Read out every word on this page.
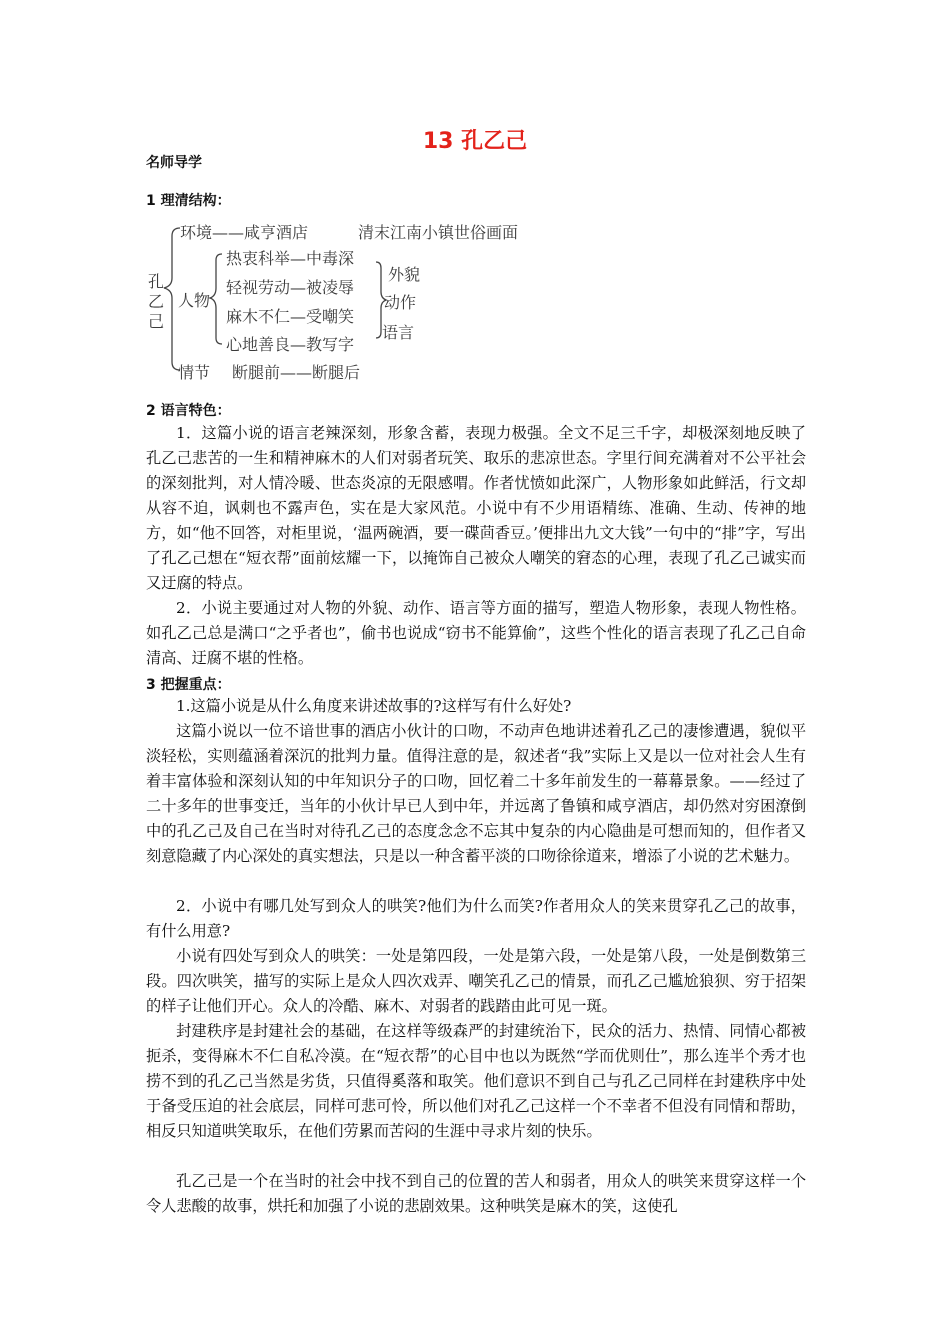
13 孔乙己
名师导学
1 理清结构：
孔
乙
己
环境——咸亨酒店	清末江南小镇世俗画面
人物
热衷科举—中毒深
轻视劳动—被凌辱
麻木不仁—受嘲笑
心地善良—教写字
外貌
动作
语言
情节 断腿前——断腿后
2 语言特色：
1．这篇小说的语言老辣深刻，形象含蓄，表现力极强。全文不足三千字，却极深刻地反映了孔乙己悲苦的一生和精神麻木的人们对弱者玩笑、取乐的悲凉世态。字里行间充满着对不公平社会的深刻批判，对人情冷暖、世态炎凉的无限感喟。作者忧愤如此深广，人物形象如此鲜活，行文却从容不迫，讽刺也不露声色，实在是大家风范。小说中有不少用语精练、准确、生动、传神的地方，如“他不回答，对柜里说，‘温两碗酒，要一碟茴香豆。’便排出九文大钱”一句中的“排”字，写出了孔乙己想在“短衣帮”面前炫耀一下，以掩饰自己被众人嘲笑的窘态的心理，表现了孔乙己诚实而又迂腐的特点。
2．小说主要通过对人物的外貌、动作、语言等方面的描写，塑造人物形象，表现人物性格。如孔乙己总是满口“之乎者也”，偷书也说成“窃书不能算偷”，这些个性化的语言表现了孔乙己自命清高、迂腐不堪的性格。
3 把握重点：
1.这篇小说是从什么角度来讲述故事的?这样写有什么好处?
这篇小说以一位不谙世事的酒店小伙计的口吻，不动声色地讲述着孔乙己的凄惨遭遇，貌似平淡轻松，实则蕴涵着深沉的批判力量。值得注意的是，叙述者“我”实际上又是以一位对社会人生有着丰富体验和深刻认知的中年知识分子的口吻，回忆着二十多年前发生的一幕幕景象。——经过了二十多年的世事变迁，当年的小伙计早已人到中年，并远离了鲁镇和咸亨酒店，却仍然对穷困潦倒中的孔乙己及自己在当时对待孔乙己的态度念念不忘其中复杂的内心隐曲是可想而知的，但作者又刻意隐藏了内心深处的真实想法，只是以一种含蓄平淡的口吻徐徐道来，增添了小说的艺术魅力。
2．小说中有哪几处写到众人的哄笑?他们为什么而笑?作者用众人的笑来贯穿孔乙己的故事，有什么用意?
小说有四处写到众人的哄笑：一处是第四段，一处是第六段，一处是第八段，一处是倒数第三段。四次哄笑，描写的实际上是众人四次戏弄、嘲笑孔乙己的情景，而孔乙己尴尬狼狈、穷于招架的样子让他们开心。众人的冷酷、麻木、对弱者的践踏由此可见一斑。
封建秩序是封建社会的基础，在这样等级森严的封建统治下，民众的活力、热情、同情心都被扼杀，变得麻木不仁自私冷漠。在“短衣帮”的心目中也以为既然“学而优则仕”，那么连半个秀才也捞不到的孔乙己当然是劣货，只值得奚落和取笑。他们意识不到自己与孔乙己同样在封建秩序中处于备受压迫的社会底层，同样可悲可怜，所以他们对孔乙己这样一个不幸者不但没有同情和帮助，相反只知道哄笑取乐，在他们劳累而苦闷的生涯中寻求片刻的快乐。
孔乙己是一个在当时的社会中找不到自己的位置的苦人和弱者，用众人的哄笑来贯穿这样一个令人悲酸的故事，烘托和加强了小说的悲剧效果。这种哄笑是麻木的笑，这使孔
